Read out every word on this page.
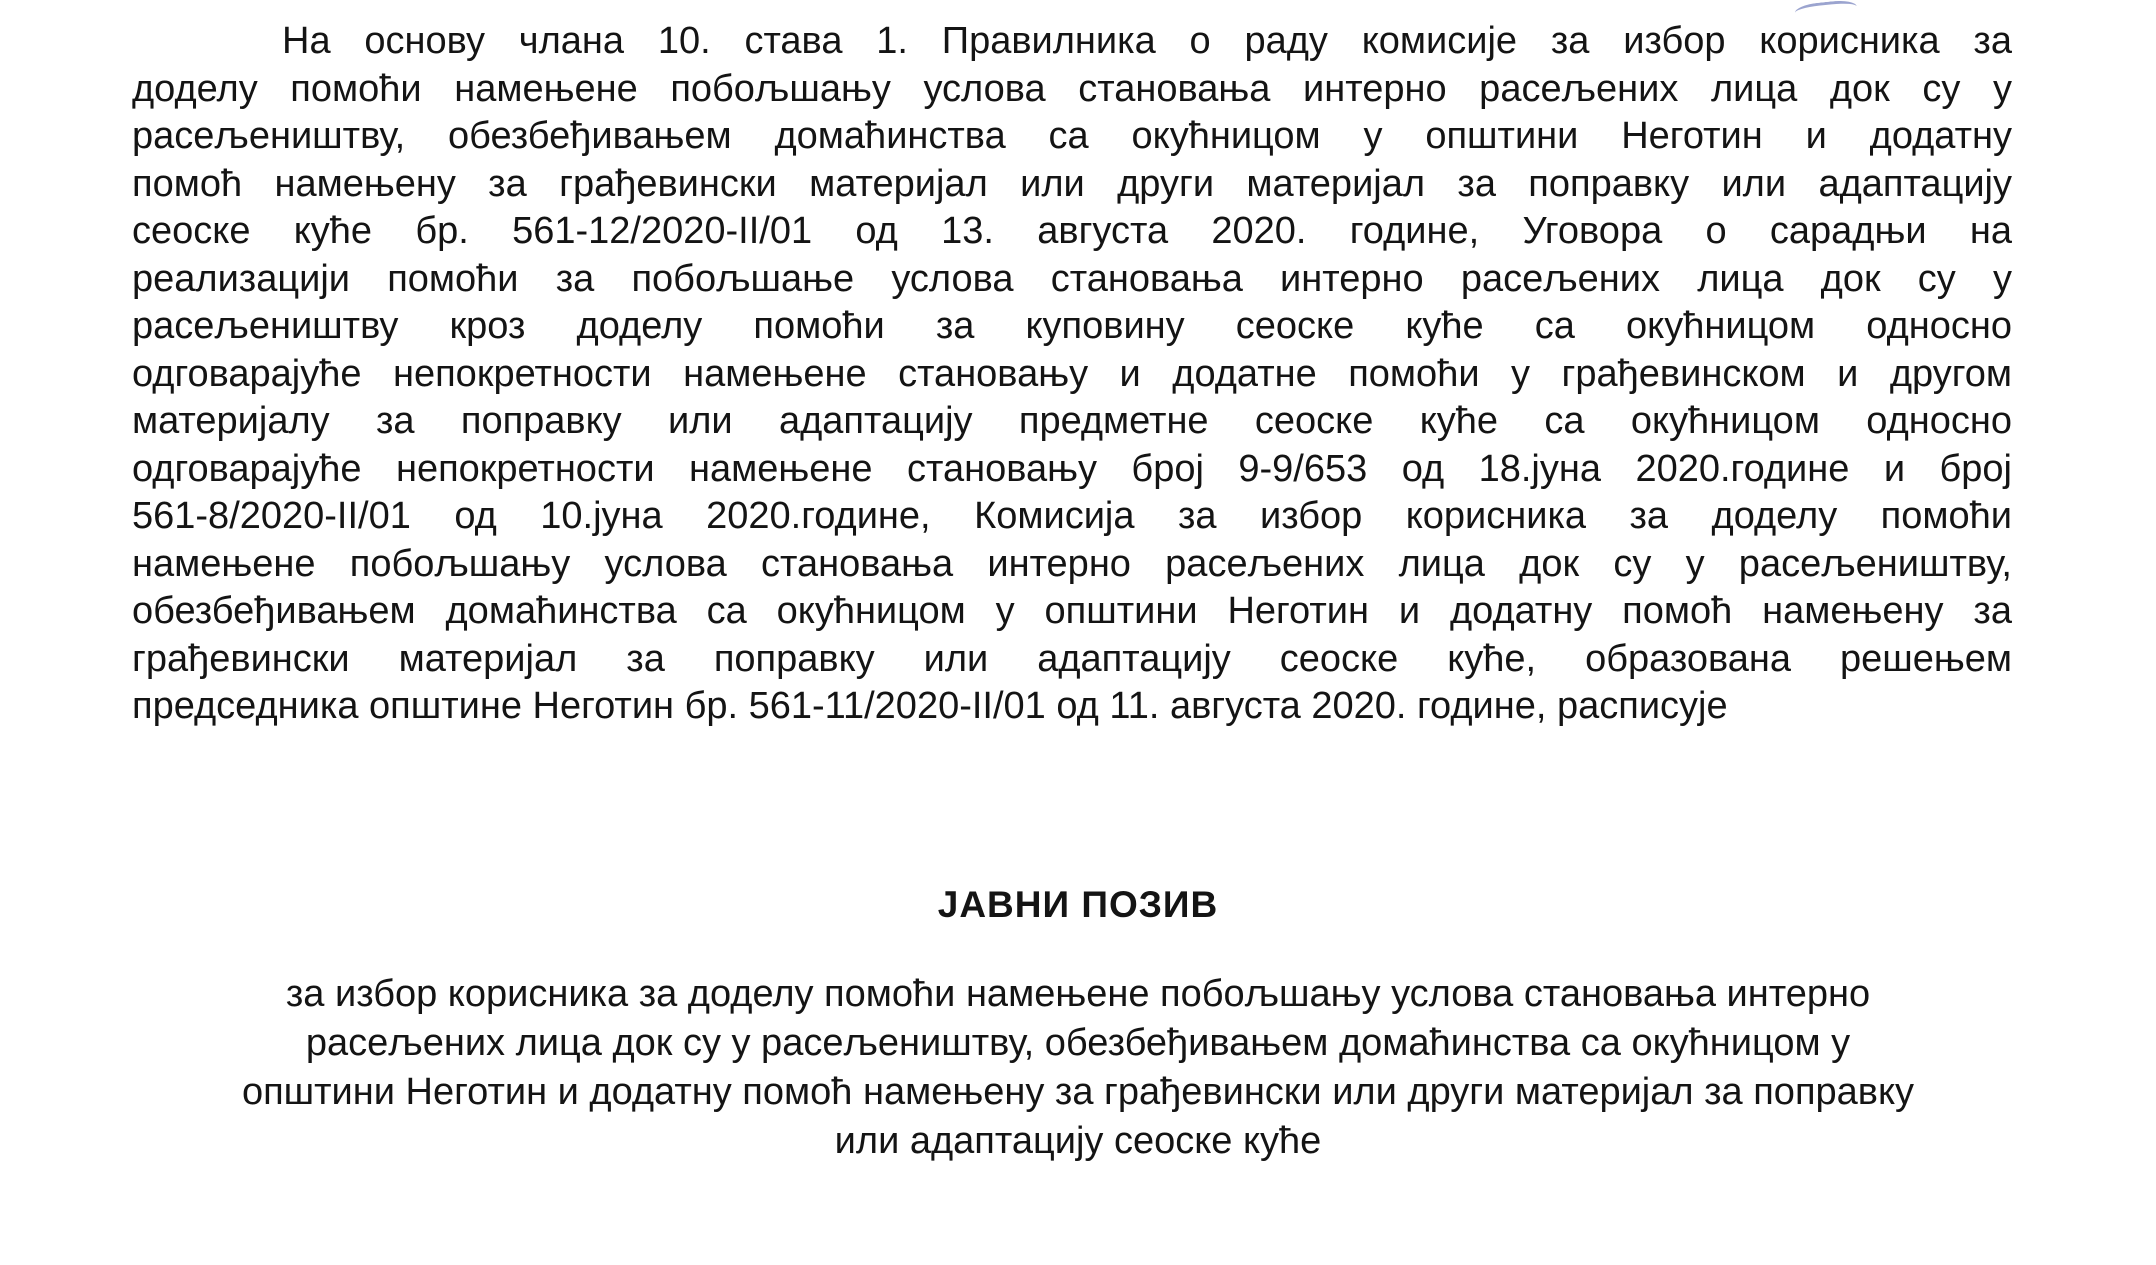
На основу члана 10. става 1. Правилника о раду комисије за избор корисника за
доделу помоћи намењене побољшању услова становања интерно расељених лица док су у
расељеништву, обезбеђивањем домаћинства са окућницом у општини Неготин и додатну
помоћ намењену за грађевински материјал или други материјал за поправку или адаптацију
сеоске куће бр. 561-12/2020-II/01 од 13. августа 2020. године, Уговора о сарадњи на
реализацији помоћи за побољшање услова становања интерно расељених лица док су у
расељеништву кроз доделу помоћи за куповину сеоске куће са окућницом односно
одговарајуће непокретности намењене становању и додатне помоћи у грађевинском и другом
материјалу за поправку или адаптацију предметне сеоске куће са окућницом односно
одговарајуће непокретности намењене становању број 9-9/653 од 18.јуна 2020.године и број
561-8/2020-II/01 од 10.јуна 2020.године, Комисија за избор корисника за доделу помоћи
намењене побољшању услова становања интерно расељених лица док су у расељеништву,
обезбеђивањем домаћинства са окућницом у општини Неготин и додатну помоћ намењену за
грађевински материјал за поправку или адаптацију сеоске куће, образована решењем
председника општине Неготин бр. 561-11/2020-II/01 од 11. августа 2020. године, расписује
ЈАВНИ ПОЗИВ
за избор корисника за доделу помоћи намењене побољшању услова становања интерно
расељених лица док су у расељеништву, обезбеђивањем домаћинства са окућницом у
општини Неготин и додатну помоћ намењену за грађевински или други материјал за поправку
или адаптацију сеоске куће
